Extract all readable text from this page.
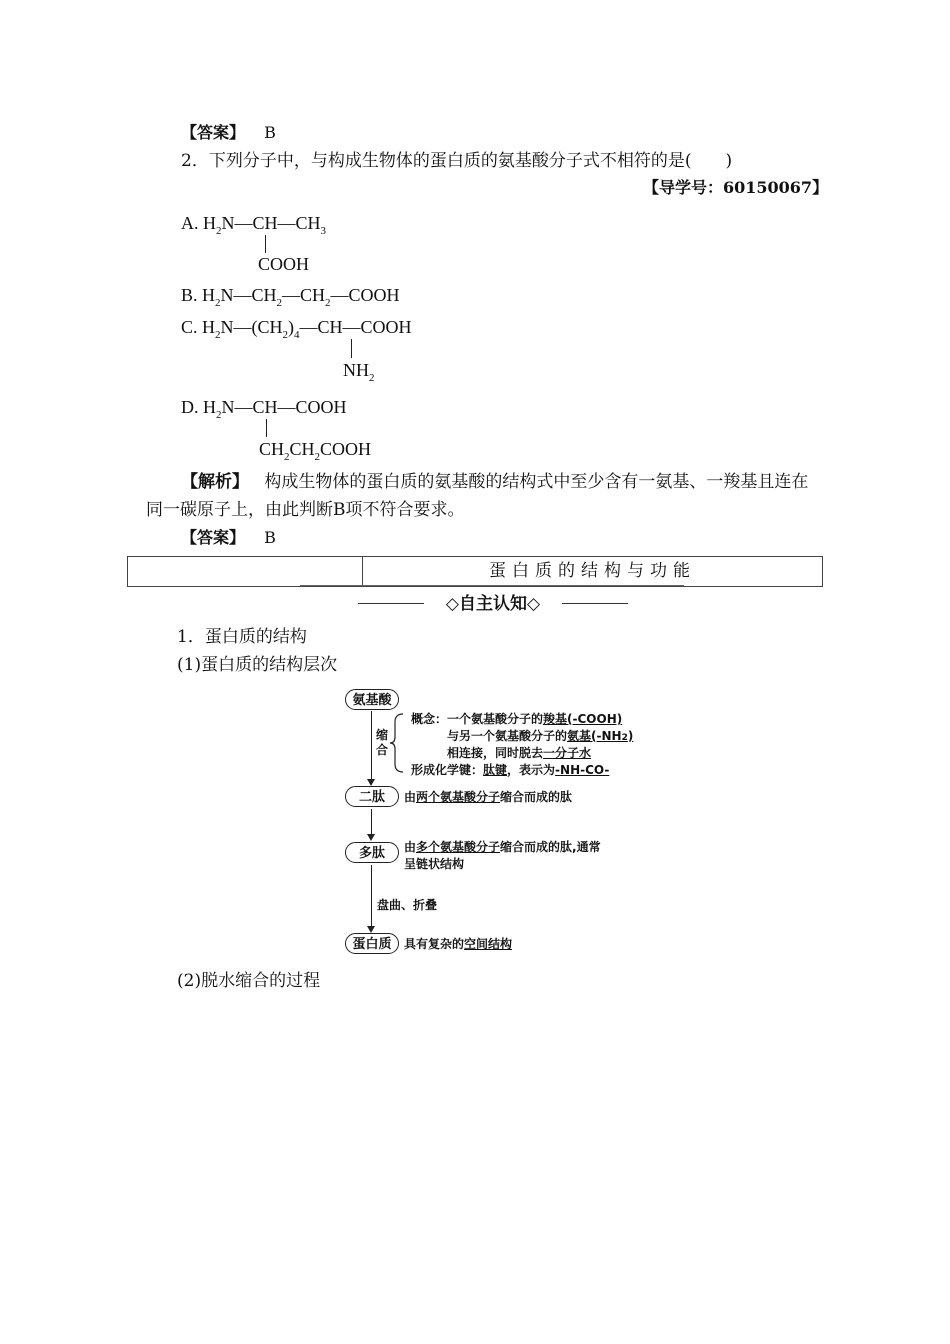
【答案】 B
2．下列分子中，与构成生物体的蛋白质的氨基酸分子式不相符的是(　　)
【导学号：60150067】
A. $H_2N—CH—CH_3$
COOH
B. $H_2N—CH_2—CH_2—COOH$
C. $H_2N—(CH_2)_4—CH—COOH$
$NH_2$
D. $H_2N—CH—COOH$
$CH_2CH_2COOH$
【解析】 构成生物体的蛋白质的氨基酸的结构式中至少含有一氨基、一羧基且连在
同一碳原子上，由此判断B项不符合要求。
【答案】 B
蛋白质的结构与功能
◇自主认知◇
1．蛋白质的结构
(1)蛋白质的结构层次
氨基酸
二肽
多肽
蛋白质
缩
合
概念：一个氨基酸分子的羧基(-COOH)
与另一个氨基酸分子的氨基(-NH2)
相连接，同时脱去一分子水
形成化学键：肽键，表示为-NH-CO-
由两个氨基酸分子缩合而成的肽
由多个氨基酸分子缩合而成的肽,通常
呈链状结构
盘曲、折叠
具有复杂的空间结构
(2)脱水缩合的过程
